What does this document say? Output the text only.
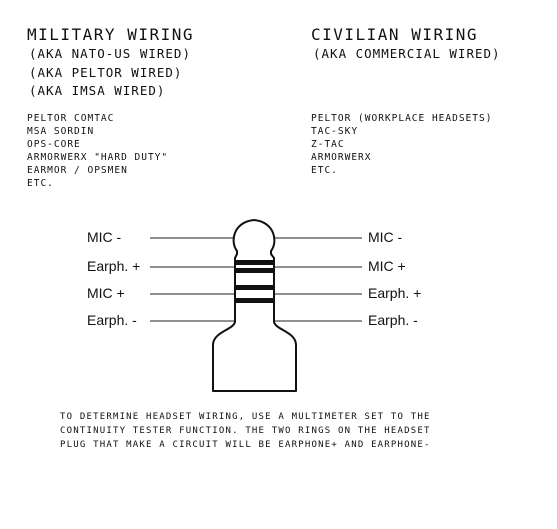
MILITARY WIRING
(AKA NATO-US WIRED)
(AKA PELTOR WIRED)
(AKA IMSA WIRED)
PELTOR COMTAC
MSA SORDIN
OPS-CORE
ARMORWERX "HARD DUTY"
EARMOR / OPSMEN
ETC.
CIVILIAN WIRING
(AKA COMMERCIAL WIRED)
PELTOR (WORKPLACE HEADSETS)
TAC-SKY
Z-TAC
ARMORWERX
ETC.
MIC -
Earph. +
MIC +
Earph. -
MIC -
MIC +
Earph. +
Earph. -
TO DETERMINE HEADSET WIRING, USE A MULTIMETER SET TO THE
CONTINUITY TESTER FUNCTION. THE TWO RINGS ON THE HEADSET
PLUG THAT MAKE A CIRCUIT WILL BE EARPHONE+ AND EARPHONE-
